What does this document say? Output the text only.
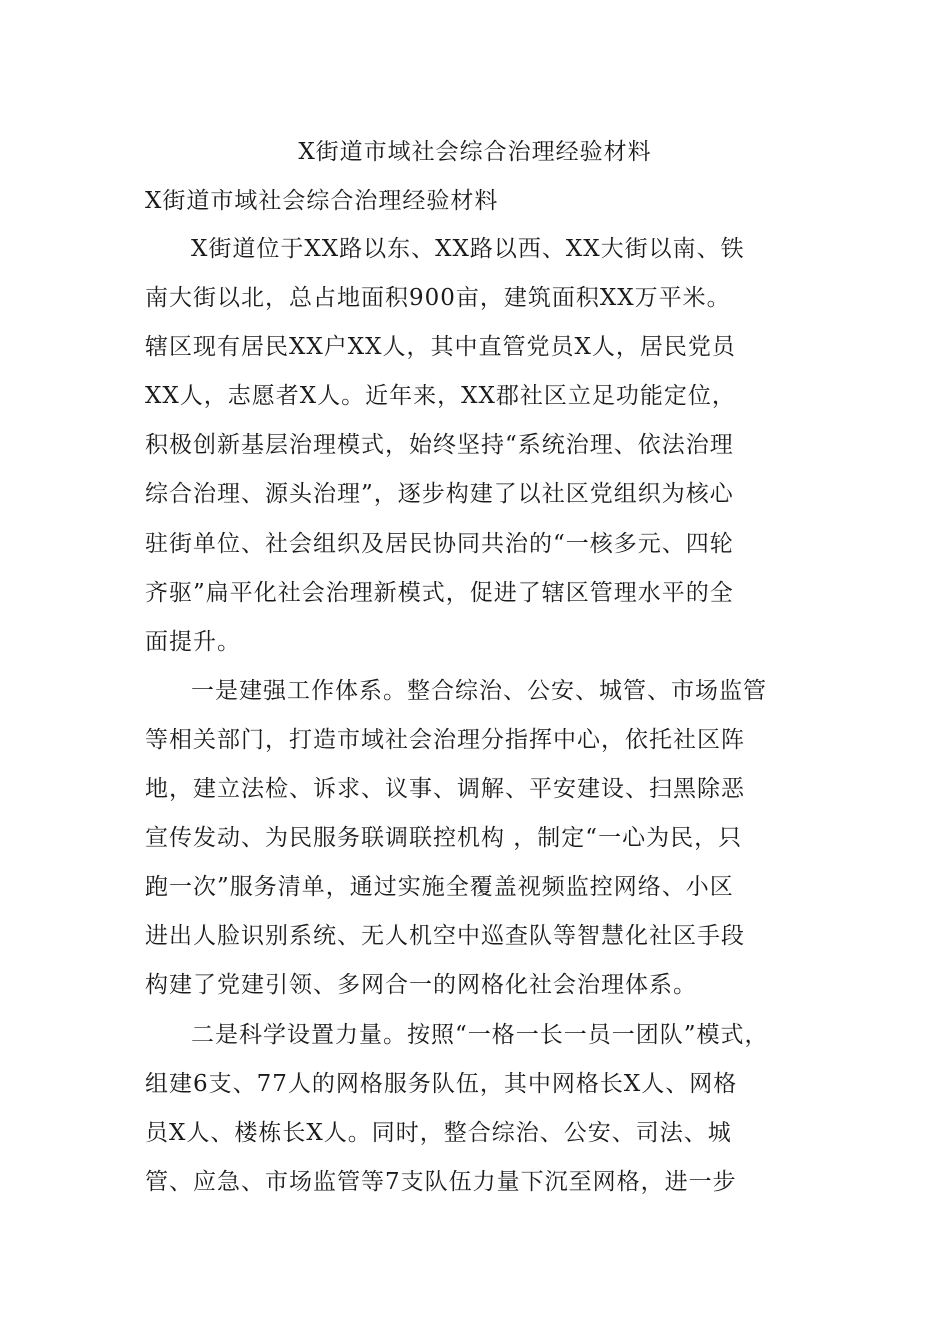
X街道市域社会综合治理经验材料
X街道市域社会综合治理经验材料
X街道位于XX路以东、XX路以西、XX大街以南、铁
南大街以北，总占地面积900亩，建筑面积XX万平米。
辖区现有居民XX户XX人，其中直管党员X人，居民党员
XX人，志愿者X人。近年来，XX郡社区立足功能定位，
积极创新基层治理模式，始终坚持“系统治理、依法治理
综合治理、源头治理”，逐步构建了以社区党组织为核心
驻街单位、社会组织及居民协同共治的“一核多元、四轮
齐驱”扁平化社会治理新模式，促进了辖区管理水平的全
面提升。
一是建强工作体系。整合综治、公安、城管、市场监管
等相关部门，打造市域社会治理分指挥中心，依托社区阵
地，建立法检、诉求、议事、调解、平安建设、扫黑除恶
宣传发动、为民服务联调联控机构 ，制定“一心为民，只
跑一次”服务清单，通过实施全覆盖视频监控网络、小区
进出人脸识别系统、无人机空中巡查队等智慧化社区手段
构建了党建引领、多网合一的网格化社会治理体系。
二是科学设置力量。按照“一格一长一员一团队”模式，
组建6支、77人的网格服务队伍，其中网格长X人、网格
员X人、楼栋长X人。同时，整合综治、公安、司法、城
管、应急、市场监管等7支队伍力量下沉至网格，进一步
